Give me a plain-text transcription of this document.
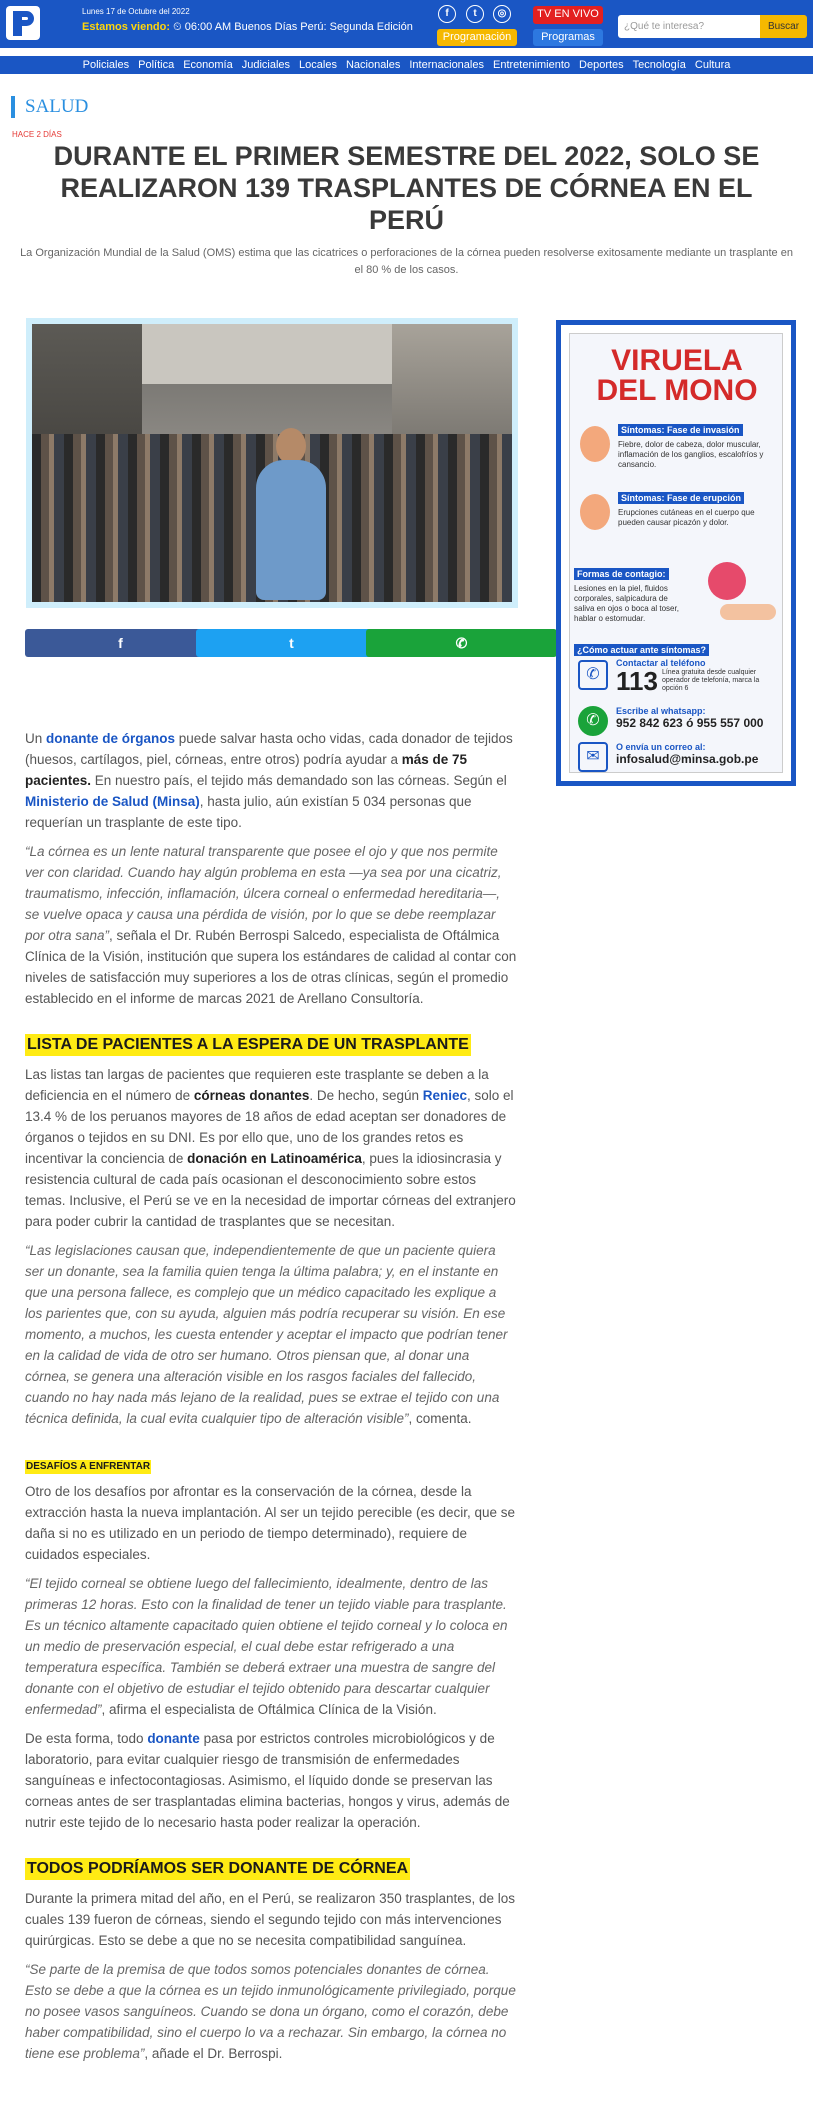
Lunes 17 de Octubre del 2022
Estamos viendo: ⏲ 06:00 AM Buenos Días Perú: Segunda Edición
f	t	◎
Programación
TV EN VIVO
Programas
¿Qué te interesa?	Buscar
Policiales Política Economía Judiciales Locales Nacionales Internacionales Entretenimiento Deportes Tecnología Cultura
SALUD
HACE 2 DÍAS
DURANTE EL PRIMER SEMESTRE DEL 2022, SOLO SE REALIZARON 139 TRASPLANTES DE CÓRNEA EN EL PERÚ
La Organización Mundial de la Salud (OMS) estima que las cicatrices o perforaciones de la córnea pueden resolverse exitosamente mediante un trasplante en el 80 % de los casos.
f	t	✆
VIRUELA
DEL MONO
Síntomas: Fase de invasión
Fiebre, dolor de cabeza, dolor muscular, inflamación de los ganglios, escalofríos y cansancio.
Síntomas: Fase de erupción
Erupciones cutáneas en el cuerpo que pueden causar picazón y dolor.
Formas de contagio:
Lesiones en la piel, fluidos corporales, salpicadura de saliva en ojos o boca al toser, hablar o estornudar.
¿Cómo actuar ante síntomas?
✆
Contactar al teléfono
113 Línea gratuita desde cualquier operador de telefonía, marca la opción 6
✆
Escribe al whatsapp:
952 842 623 ó 955 557 000
✉
O envía un correo al:
infosalud@minsa.gob.pe

Un donante de órganos puede salvar hasta ocho vidas, cada donador de tejidos (huesos, cartílagos, piel, córneas, entre otros) podría ayudar a más de 75 pacientes. En nuestro país, el tejido más demandado son las córneas. Según el Ministerio de Salud (Minsa), hasta julio, aún existían 5 034 personas que requerían un trasplante de este tipo.

“La córnea es un lente natural transparente que posee el ojo y que nos permite ver con claridad. Cuando hay algún problema en esta —ya sea por una cicatriz, traumatismo, infección, inflamación, úlcera corneal o enfermedad hereditaria—, se vuelve opaca y causa una pérdida de visión, por lo que se debe reemplazar por otra sana”, señala el Dr. Rubén Berrospi Salcedo, especialista de Oftálmica Clínica de la Visión, institución que supera los estándares de calidad al contar con niveles de satisfacción muy superiores a los de otras clínicas, según el promedio establecido en el informe de marcas 2021 de Arellano Consultoría.

LISTA DE PACIENTES A LA ESPERA DE UN TRASPLANTE

Las listas tan largas de pacientes que requieren este trasplante se deben a la deficiencia en el número de córneas donantes. De hecho, según Reniec, solo el 13.4 % de los peruanos mayores de 18 años de edad aceptan ser donadores de órganos o tejidos en su DNI. Es por ello que, uno de los grandes retos es incentivar la conciencia de donación en Latinoamérica, pues la idiosincrasia y resistencia cultural de cada país ocasionan el desconocimiento sobre estos temas. Inclusive, el Perú se ve en la necesidad de importar córneas del extranjero para poder cubrir la cantidad de trasplantes que se necesitan.

“Las legislaciones causan que, independientemente de que un paciente quiera ser un donante, sea la familia quien tenga la última palabra; y, en el instante en que una persona fallece, es complejo que un médico capacitado les explique a los parientes que, con su ayuda, alguien más podría recuperar su visión. En ese momento, a muchos, les cuesta entender y aceptar el impacto que podrían tener en la calidad de vida de otro ser humano. Otros piensan que, al donar una córnea, se genera una alteración visible en los rasgos faciales del fallecido, cuando no hay nada más lejano de la realidad, pues se extrae el tejido con una técnica definida, la cual evita cualquier tipo de alteración visible”, comenta.

DESAFÍOS A ENFRENTAR

Otro de los desafíos por afrontar es la conservación de la córnea, desde la extracción hasta la nueva implantación. Al ser un tejido perecible (es decir, que se daña si no es utilizado en un periodo de tiempo determinado), requiere de cuidados especiales.

“El tejido corneal se obtiene luego del fallecimiento, idealmente, dentro de las primeras 12 horas. Esto con la finalidad de tener un tejido viable para trasplante. Es un técnico altamente capacitado quien obtiene el tejido corneal y lo coloca en un medio de preservación especial, el cual debe estar refrigerado a una temperatura específica. También se deberá extraer una muestra de sangre del donante con el objetivo de estudiar el tejido obtenido para descartar cualquier enfermedad”, afirma el especialista de Oftálmica Clínica de la Visión.

De esta forma, todo donante pasa por estrictos controles microbiológicos y de laboratorio, para evitar cualquier riesgo de transmisión de enfermedades sanguíneas e infectocontagiosas. Asimismo, el líquido donde se preservan las corneas antes de ser trasplantadas elimina bacterias, hongos y virus, además de nutrir este tejido de lo necesario hasta poder realizar la operación.

TODOS PODRÍAMOS SER DONANTE DE CÓRNEA

Durante la primera mitad del año, en el Perú, se realizaron 350 trasplantes, de los cuales 139 fueron de córneas, siendo el segundo tejido con más intervenciones quirúrgicas. Esto se debe a que no se necesita compatibilidad sanguínea.

“Se parte de la premisa de que todos somos potenciales donantes de córnea. Esto se debe a que la córnea es un tejido inmunológicamente privilegiado, porque no posee vasos sanguíneos. Cuando se dona un órgano, como el corazón, debe haber compatibilidad, sino el cuerpo lo va a rechazar. Sin embargo, la córnea no tiene ese problema”, añade el Dr. Berrospi.
